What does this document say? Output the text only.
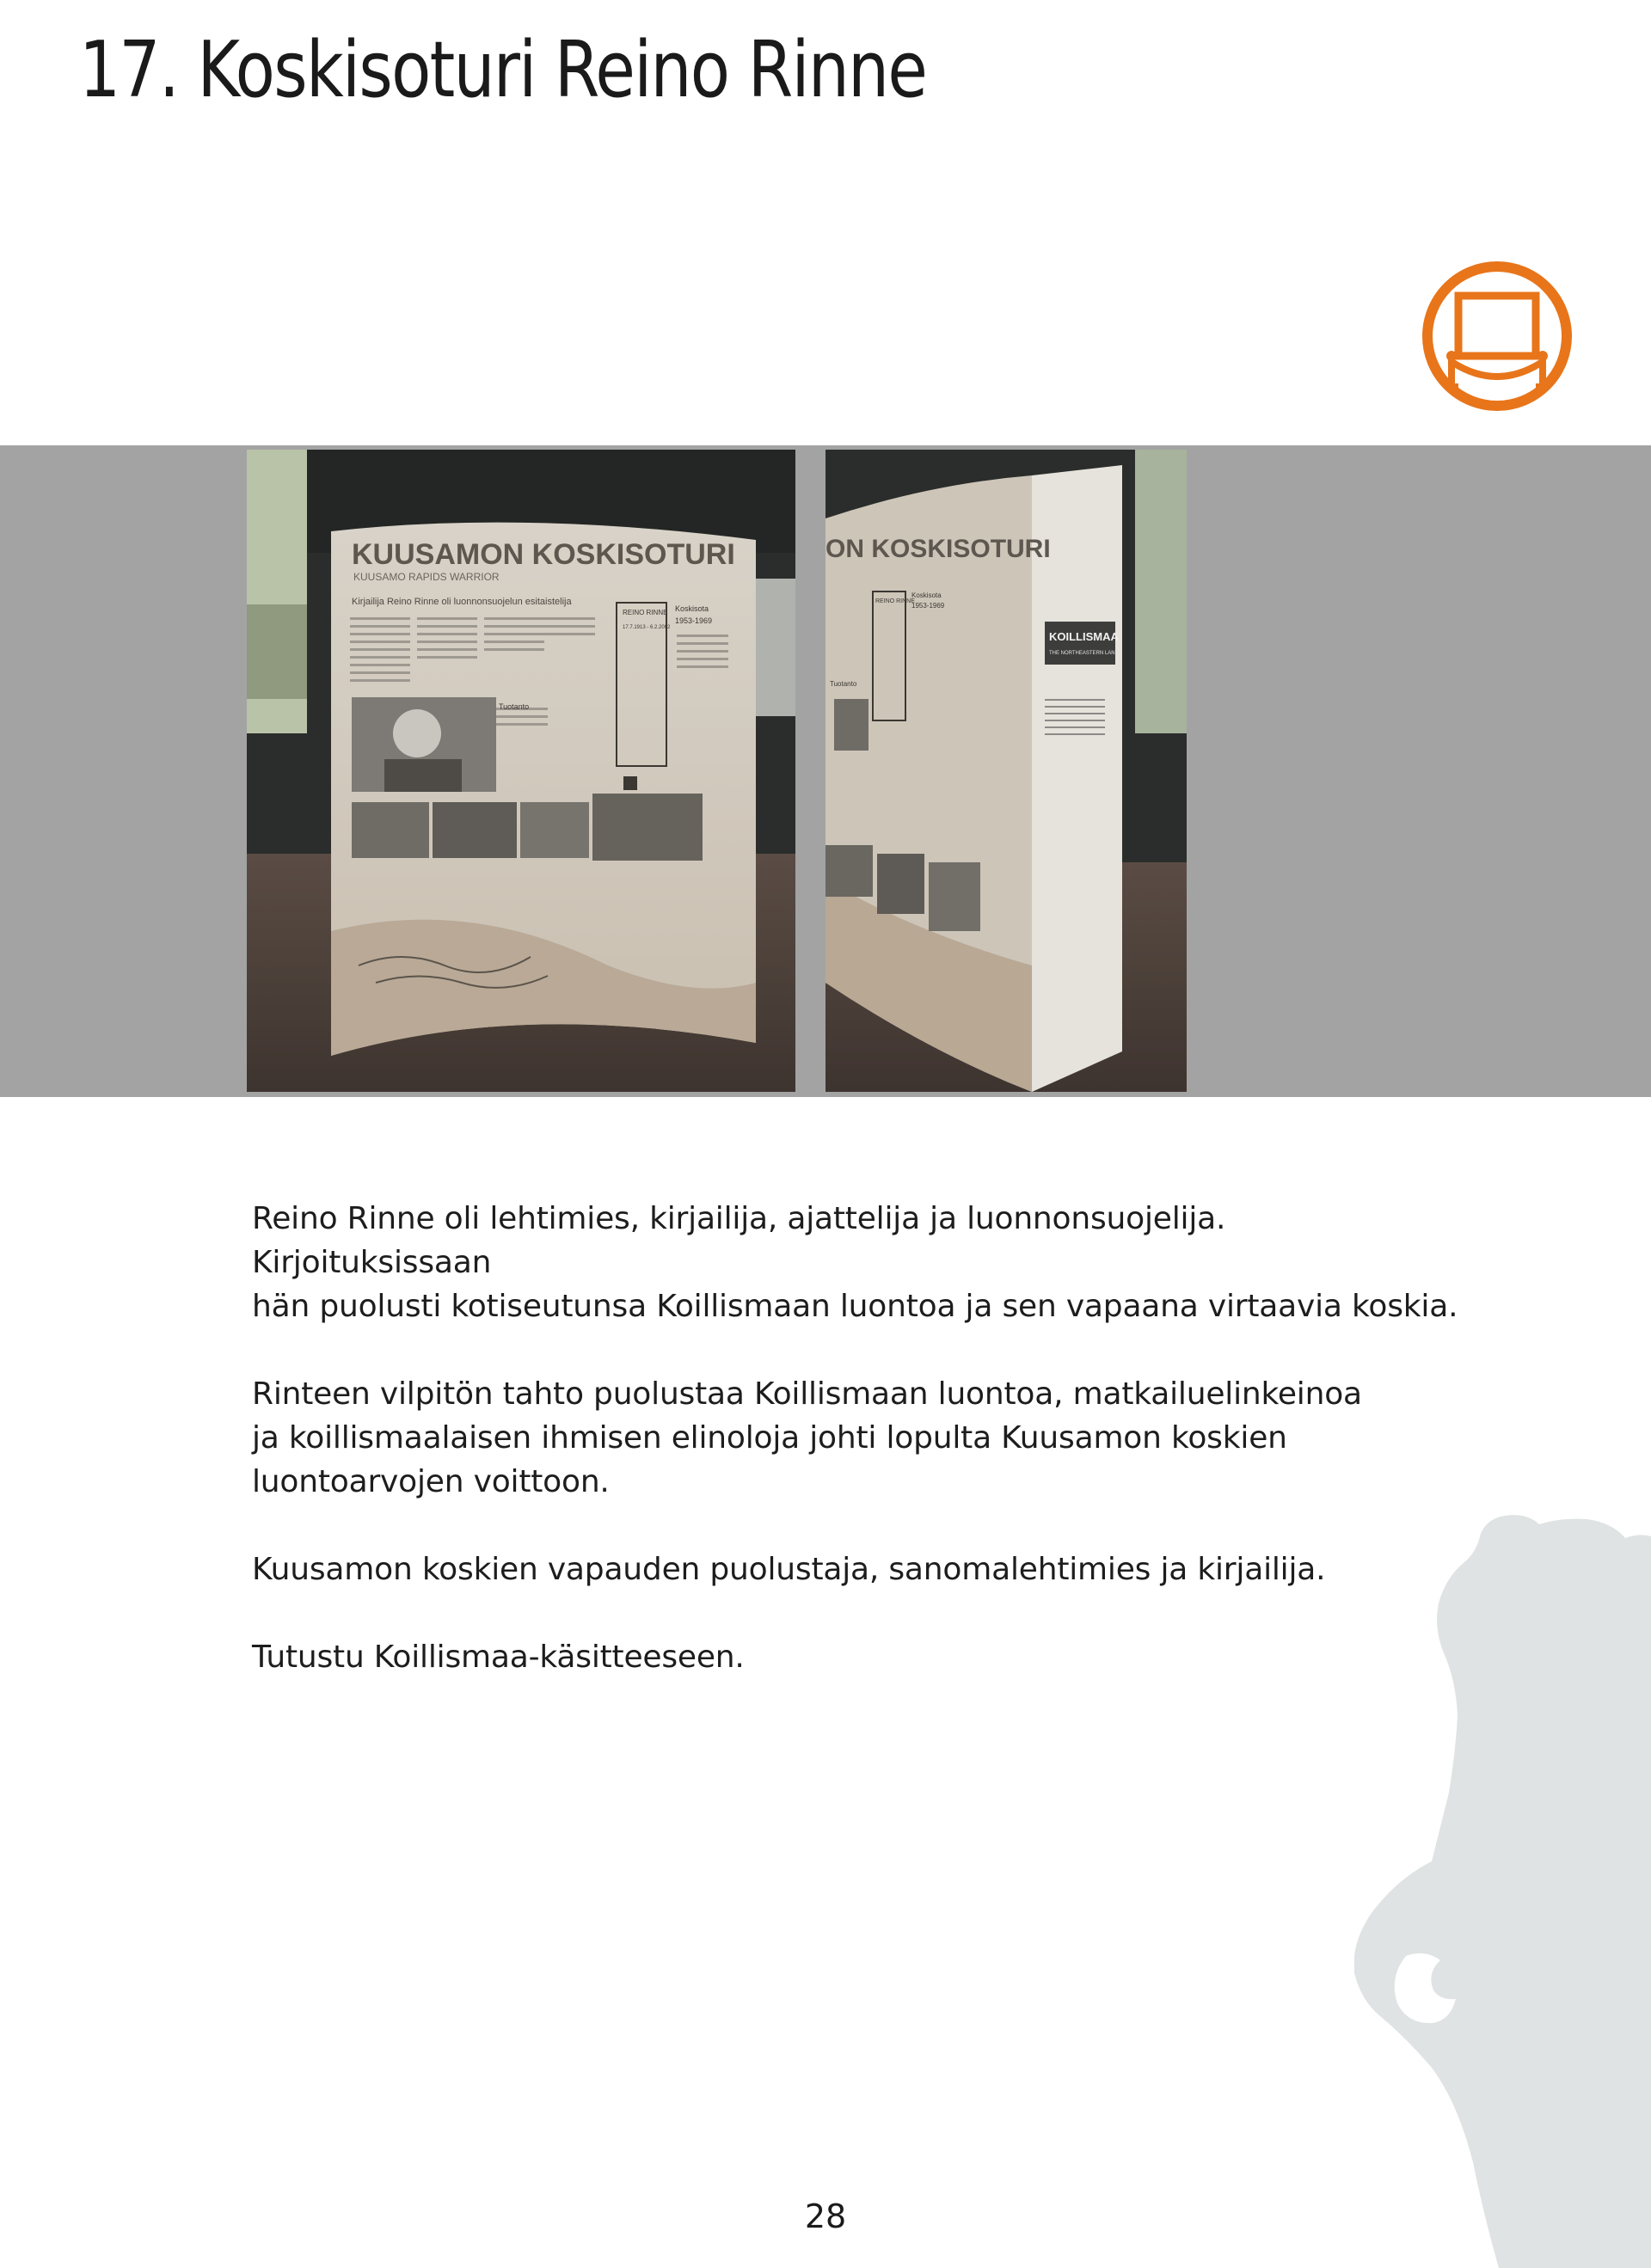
17. Koskisoturi Reino Rinne
KUUSAMON KOSKISOTURI
KUUSAMO RAPIDS WARRIOR
Kirjailija Reino Rinne oli luonnonsuojelun esitaistelija
REINO RINNE
17.7.1913 - 6.2.2002
Koskisota
1953-1969
Tuotanto
ON KOSKISOTURI
KOILLISMAA
THE NORTHEASTERN LAND
REINO RINNE
Koskisota
1953-1969
Tuotanto

Reino Rinne oli lehtimies, kirjailija, ajattelija ja luonnonsuojelija. Kirjoituksissaan
hän puolusti kotiseutunsa Koillismaan luontoa ja sen vapaana virtaavia koskia.

Rinteen vilpitön tahto puolustaa Koillismaan luontoa, matkailuelinkeinoa
ja koillismaalaisen ihmisen elinoloja johti lopulta Kuusamon koskien
luontoarvojen voittoon.

Kuusamon koskien vapauden puolustaja, sanomalehtimies ja kirjailija.

Tutustu Koillismaa-käsitteeseen.

28
